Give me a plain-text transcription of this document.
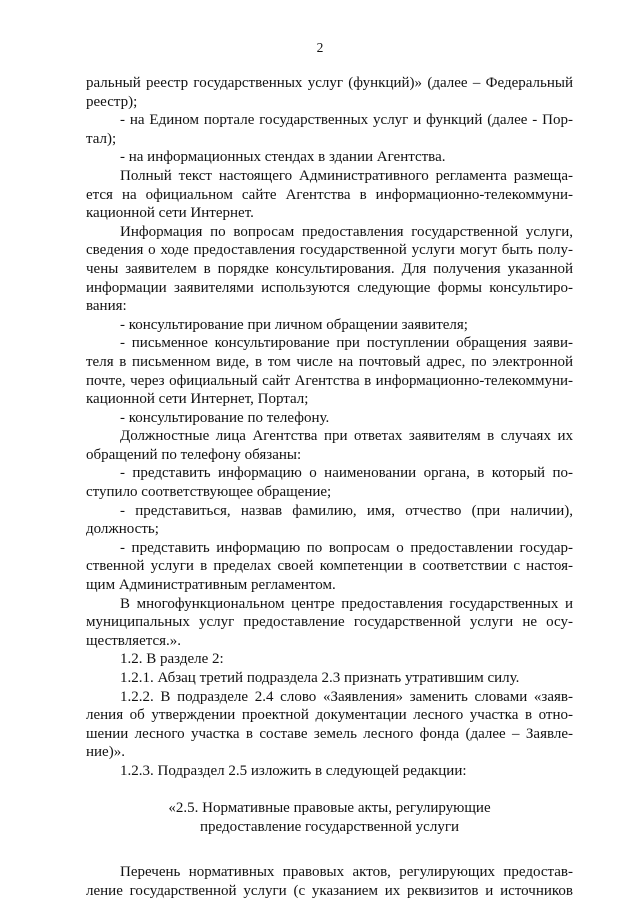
2
ральный реестр государственных услуг (функций)» (далее – Федеральный
реестр);
- на Едином портале государственных услуг и функций (далее - Пор-
тал);
- на информационных стендах в здании Агентства.
Полный текст настоящего Административного регламента размеща-
ется на официальном сайте Агентства в информационно-телекоммуни-
кационной сети Интернет.
Информация по вопросам предоставления государственной услуги,
сведения о ходе предоставления государственной услуги могут быть полу-
чены заявителем в порядке консультирования. Для получения указанной
информации заявителями используются следующие формы консультиро-
вания:
- консультирование при личном обращении заявителя;
- письменное консультирование при поступлении обращения заяви-
теля в письменном виде, в том числе на почтовый адрес, по электронной
почте, через официальный сайт Агентства в информационно-телекоммуни-
кационной сети Интернет, Портал;
- консультирование по телефону.
Должностные лица Агентства при ответах заявителям в случаях их
обращений по телефону обязаны:
- представить информацию о наименовании органа, в который по-
ступило соответствующее обращение;
- представиться, назвав фамилию, имя, отчество (при наличии),
должность;
- представить информацию по вопросам о предоставлении государ-
ственной услуги в пределах своей компетенции в соответствии с настоя-
щим Административным регламентом.
В многофункциональном центре предоставления государственных и
муниципальных услуг предоставление государственной услуги не осу-
ществляется.».
1.2. В разделе 2:
1.2.1. Абзац третий подраздела 2.3 признать утратившим силу.
1.2.2. В подразделе 2.4 слово «Заявления» заменить словами «заяв-
ления об утверждении проектной документации лесного участка в отно-
шении лесного участка в составе земель лесного фонда (далее – Заявле-
ние)».
1.2.3. Подраздел 2.5 изложить в следующей редакции:
«2.5. Нормативные правовые акты, регулирующие
предоставление государственной услуги
Перечень нормативных правовых актов, регулирующих предостав-
ление государственной услуги (с указанием их реквизитов и источников
